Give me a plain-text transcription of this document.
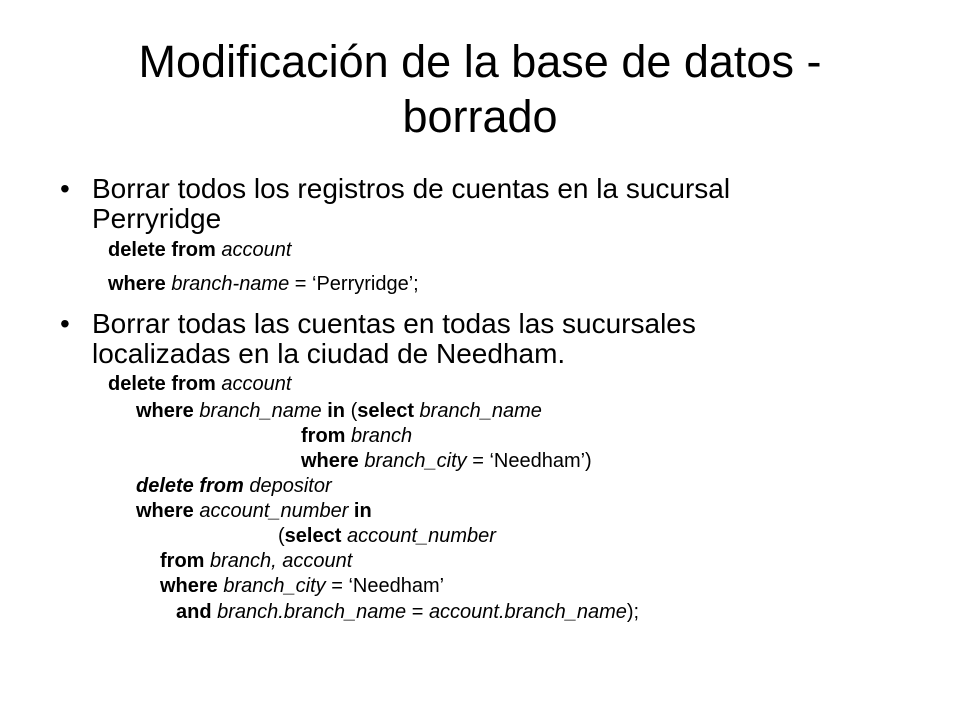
Modificación de la base de datos -
borrado
• Borrar todos los registros de cuentas en la sucursal
Perryridge
delete from account
where branch-name = ‘Perryridge’;
• Borrar todas las cuentas en todas las sucursales
localizadas en la ciudad de Needham.
delete from account
where branch_name in (select branch_name
from branch
where branch_city = ‘Needham’)
delete from depositor
where account_number in
(select account_number
from branch, account
where branch_city = ‘Needham’
and branch.branch_name = account.branch_name);
